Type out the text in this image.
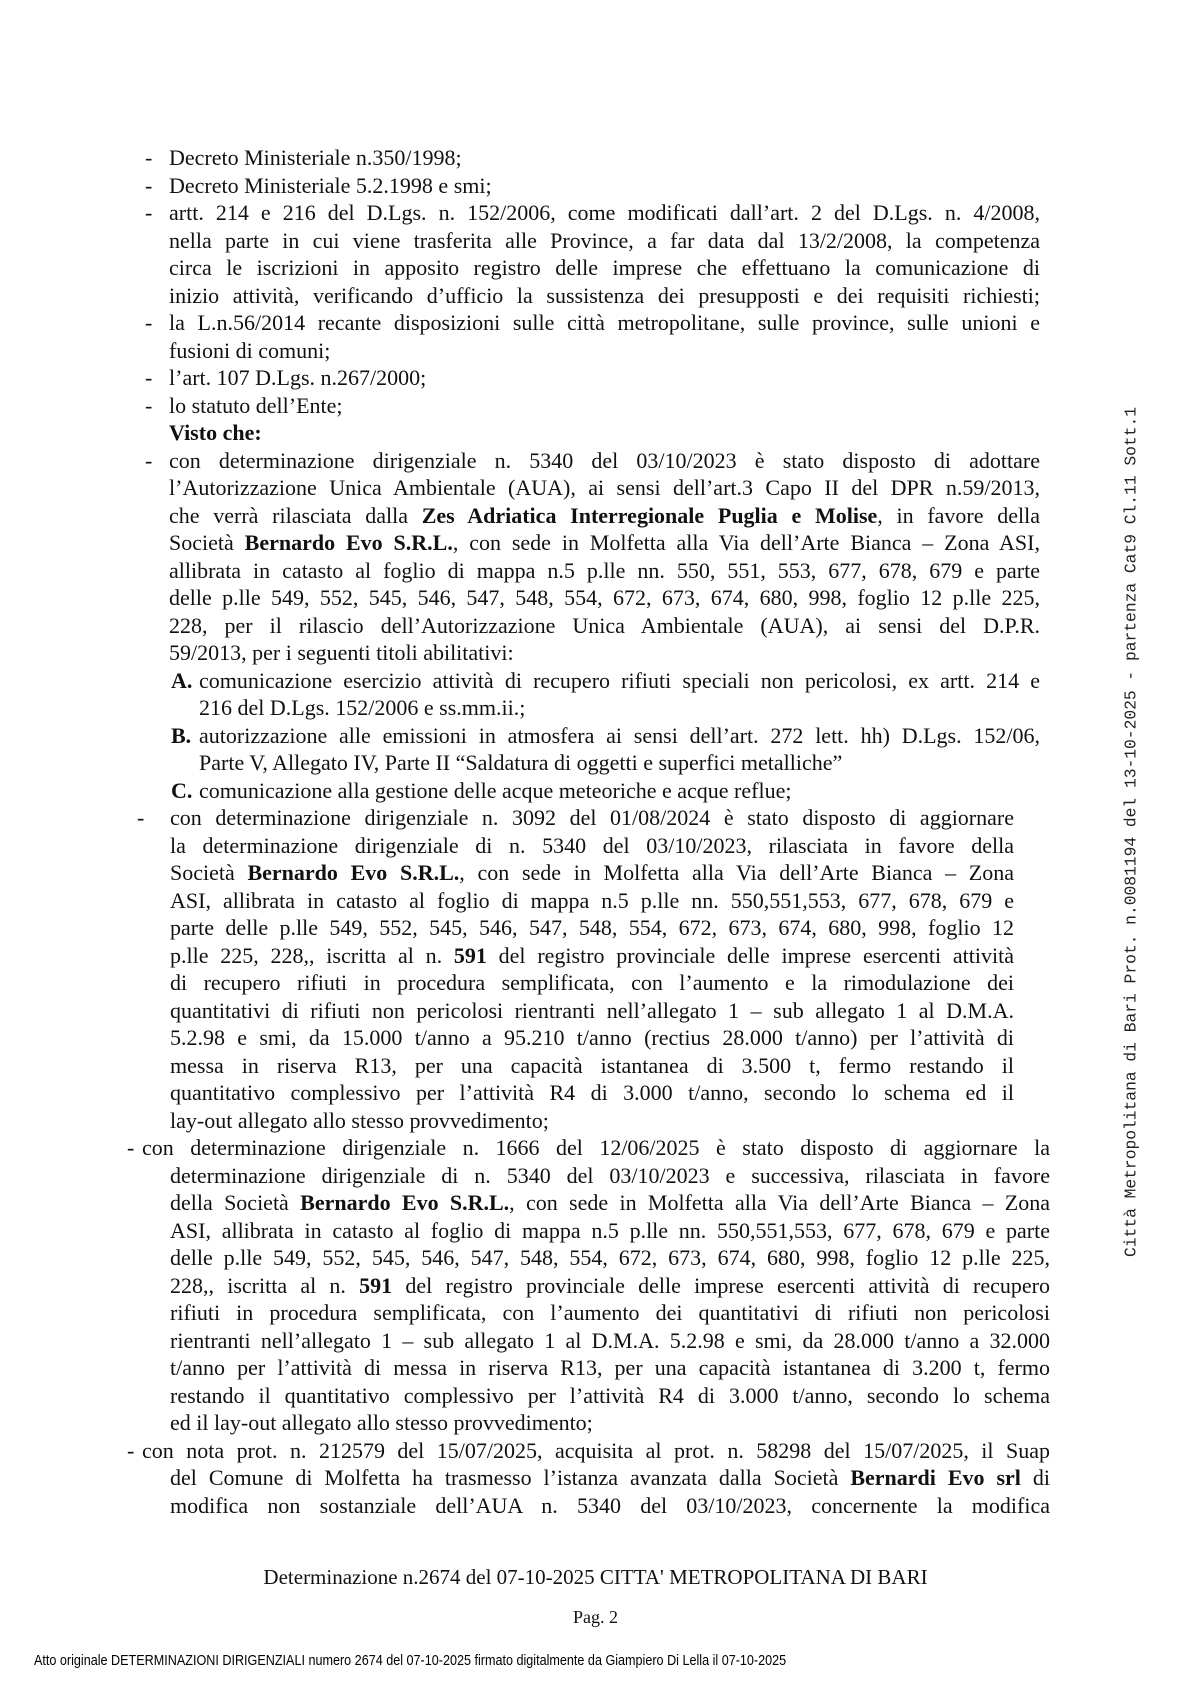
- Decreto Ministeriale n.350/1998;
- Decreto Ministeriale 5.2.1998 e smi;
- artt. 214 e 216 del D.Lgs. n. 152/2006, come modificati dall’art. 2 del D.Lgs. n. 4/2008,
nella parte in cui viene trasferita alle Province, a far data dal 13/2/2008, la competenza
circa le iscrizioni in apposito registro delle imprese che effettuano la comunicazione di
inizio attività, verificando d’ufficio la sussistenza dei presupposti e dei requisiti richiesti;
- la L.n.56/2014 recante disposizioni sulle città metropolitane, sulle province, sulle unioni e
fusioni di comuni;
- l’art. 107 D.Lgs. n.267/2000;
- lo statuto dell’Ente;
Visto che:
- con determinazione dirigenziale n. 5340 del 03/10/2023 è stato disposto di adottare
l’Autorizzazione Unica Ambientale (AUA), ai sensi dell’art.3 Capo II del DPR n.59/2013,
che verrà rilasciata dalla Zes Adriatica Interregionale Puglia e Molise, in favore della
Società Bernardo Evo S.R.L., con sede in Molfetta alla Via dell’Arte Bianca – Zona ASI,
allibrata in catasto al foglio di mappa n.5 p.lle nn. 550, 551, 553, 677, 678, 679 e parte
delle p.lle 549, 552, 545, 546, 547, 548, 554, 672, 673, 674, 680, 998, foglio 12 p.lle 225,
228, per il rilascio dell’Autorizzazione Unica Ambientale (AUA), ai sensi del D.P.R.
59/2013, per i seguenti titoli abilitativi:
A. comunicazione esercizio attività di recupero rifiuti speciali non pericolosi, ex artt. 214 e
216 del D.Lgs. 152/2006 e ss.mm.ii.;
B. autorizzazione alle emissioni in atmosfera ai sensi dell’art. 272 lett. hh) D.Lgs. 152/06,
Parte V, Allegato IV, Parte II “Saldatura di oggetti e superfici metalliche”
C. comunicazione alla gestione delle acque meteoriche e acque reflue;
- con determinazione dirigenziale n. 3092 del 01/08/2024 è stato disposto di aggiornare
la determinazione dirigenziale di n. 5340 del 03/10/2023, rilasciata in favore della
Società Bernardo Evo S.R.L., con sede in Molfetta alla Via dell’Arte Bianca – Zona
ASI, allibrata in catasto al foglio di mappa n.5 p.lle nn. 550,551,553, 677, 678, 679 e
parte delle p.lle 549, 552, 545, 546, 547, 548, 554, 672, 673, 674, 680, 998, foglio 12
p.lle 225, 228,, iscritta al n. 591 del registro provinciale delle imprese esercenti attività
di recupero rifiuti in procedura semplificata, con l’aumento e la rimodulazione dei
quantitativi di rifiuti non pericolosi rientranti nell’allegato 1 – sub allegato 1 al D.M.A.
5.2.98 e smi, da 15.000 t/anno a 95.210 t/anno (rectius 28.000 t/anno) per l’attività di
messa in riserva R13, per una capacità istantanea di 3.500 t, fermo restando il
quantitativo complessivo per l’attività R4 di 3.000 t/anno, secondo lo schema ed il
lay-out allegato allo stesso provvedimento;
- con determinazione dirigenziale n. 1666 del 12/06/2025 è stato disposto di aggiornare la
determinazione dirigenziale di n. 5340 del 03/10/2023 e successiva, rilasciata in favore
della Società Bernardo Evo S.R.L., con sede in Molfetta alla Via dell’Arte Bianca – Zona
ASI, allibrata in catasto al foglio di mappa n.5 p.lle nn. 550,551,553, 677, 678, 679 e parte
delle p.lle 549, 552, 545, 546, 547, 548, 554, 672, 673, 674, 680, 998, foglio 12 p.lle 225,
228,, iscritta al n. 591 del registro provinciale delle imprese esercenti attività di recupero
rifiuti in procedura semplificata, con l’aumento dei quantitativi di rifiuti non pericolosi
rientranti nell’allegato 1 – sub allegato 1 al D.M.A. 5.2.98 e smi, da 28.000 t/anno a 32.000
t/anno per l’attività di messa in riserva R13, per una capacità istantanea di 3.200 t, fermo
restando il quantitativo complessivo per l’attività R4 di 3.000 t/anno, secondo lo schema
ed il lay-out allegato allo stesso provvedimento;
- con nota prot. n. 212579 del 15/07/2025, acquisita al prot. n. 58298 del 15/07/2025, il Suap
del Comune di Molfetta ha trasmesso l’istanza avanzata dalla Società Bernardi Evo srl di
modifica non sostanziale dell’AUA n. 5340 del 03/10/2023, concernente la modifica
Determinazione n.2674 del 07-10-2025 CITTA' METROPOLITANA DI BARI
Pag. 2
Atto originale DETERMINAZIONI DIRIGENZIALI numero 2674 del 07-10-2025 firmato digitalmente da Giampiero Di Lella il 07-10-2025
Città Metropolitana di Bari Prot. n.0081194 del 13-10-2025 - partenza Cat9 Cl.11 Sott.1
